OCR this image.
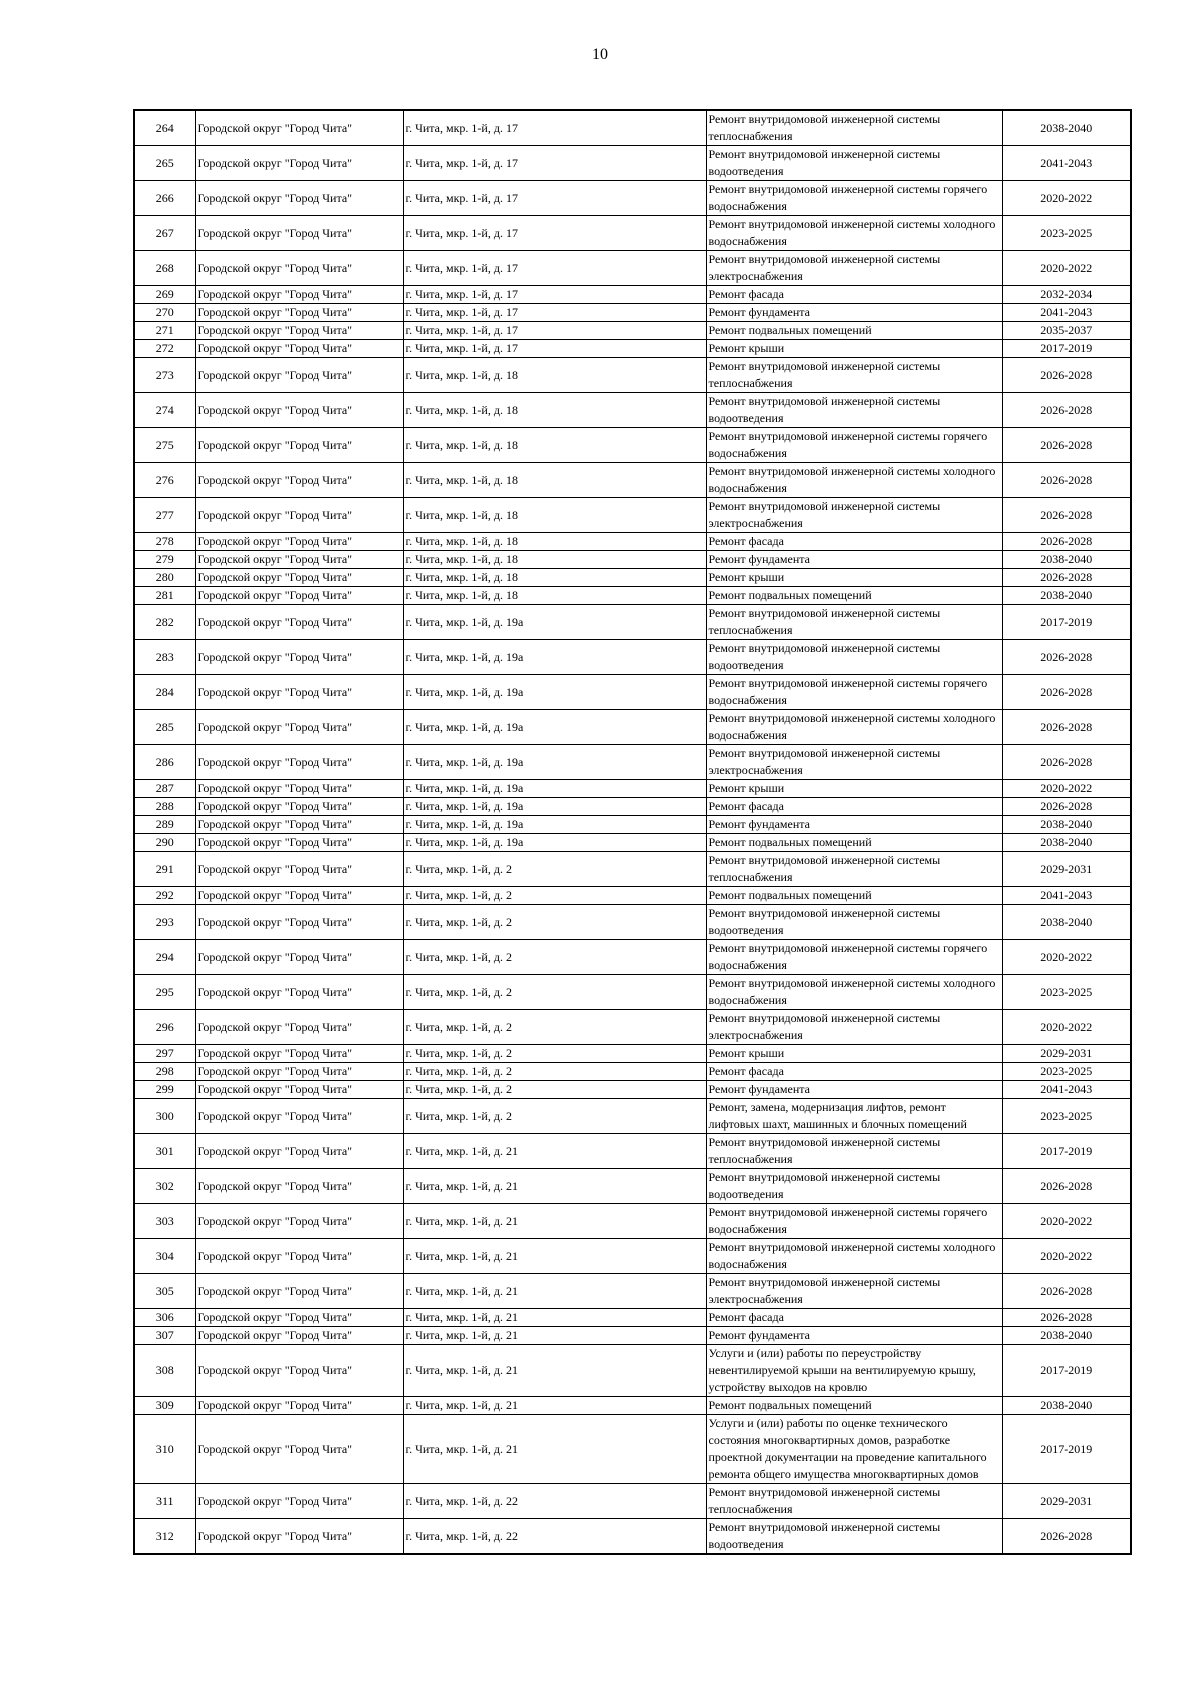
10
264	Городской округ "Город Чита"	г. Чита, мкр. 1-й, д. 17	Ремонт внутридомовой инженерной системы теплоснабжения	2038-2040
265	Городской округ "Город Чита"	г. Чита, мкр. 1-й, д. 17	Ремонт внутридомовой инженерной системы водоотведения	2041-2043
266	Городской округ "Город Чита"	г. Чита, мкр. 1-й, д. 17	Ремонт внутридомовой инженерной системы горячего водоснабжения	2020-2022
267	Городской округ "Город Чита"	г. Чита, мкр. 1-й, д. 17	Ремонт внутридомовой инженерной системы холодного водоснабжения	2023-2025
268	Городской округ "Город Чита"	г. Чита, мкр. 1-й, д. 17	Ремонт внутридомовой инженерной системы электроснабжения	2020-2022
269	Городской округ "Город Чита"	г. Чита, мкр. 1-й, д. 17	Ремонт фасада	2032-2034
270	Городской округ "Город Чита"	г. Чита, мкр. 1-й, д. 17	Ремонт фундамента	2041-2043
271	Городской округ "Город Чита"	г. Чита, мкр. 1-й, д. 17	Ремонт подвальных помещений	2035-2037
272	Городской округ "Город Чита"	г. Чита, мкр. 1-й, д. 17	Ремонт крыши	2017-2019
273	Городской округ "Город Чита"	г. Чита, мкр. 1-й, д. 18	Ремонт внутридомовой инженерной системы теплоснабжения	2026-2028
274	Городской округ "Город Чита"	г. Чита, мкр. 1-й, д. 18	Ремонт внутридомовой инженерной системы водоотведения	2026-2028
275	Городской округ "Город Чита"	г. Чита, мкр. 1-й, д. 18	Ремонт внутридомовой инженерной системы горячего водоснабжения	2026-2028
276	Городской округ "Город Чита"	г. Чита, мкр. 1-й, д. 18	Ремонт внутридомовой инженерной системы холодного водоснабжения	2026-2028
277	Городской округ "Город Чита"	г. Чита, мкр. 1-й, д. 18	Ремонт внутридомовой инженерной системы электроснабжения	2026-2028
278	Городской округ "Город Чита"	г. Чита, мкр. 1-й, д. 18	Ремонт фасада	2026-2028
279	Городской округ "Город Чита"	г. Чита, мкр. 1-й, д. 18	Ремонт фундамента	2038-2040
280	Городской округ "Город Чита"	г. Чита, мкр. 1-й, д. 18	Ремонт крыши	2026-2028
281	Городской округ "Город Чита"	г. Чита, мкр. 1-й, д. 18	Ремонт подвальных помещений	2038-2040
282	Городской округ "Город Чита"	г. Чита, мкр. 1-й, д. 19а	Ремонт внутридомовой инженерной системы теплоснабжения	2017-2019
283	Городской округ "Город Чита"	г. Чита, мкр. 1-й, д. 19а	Ремонт внутридомовой инженерной системы водоотведения	2026-2028
284	Городской округ "Город Чита"	г. Чита, мкр. 1-й, д. 19а	Ремонт внутридомовой инженерной системы горячего водоснабжения	2026-2028
285	Городской округ "Город Чита"	г. Чита, мкр. 1-й, д. 19а	Ремонт внутридомовой инженерной системы холодного водоснабжения	2026-2028
286	Городской округ "Город Чита"	г. Чита, мкр. 1-й, д. 19а	Ремонт внутридомовой инженерной системы электроснабжения	2026-2028
287	Городской округ "Город Чита"	г. Чита, мкр. 1-й, д. 19а	Ремонт крыши	2020-2022
288	Городской округ "Город Чита"	г. Чита, мкр. 1-й, д. 19а	Ремонт фасада	2026-2028
289	Городской округ "Город Чита"	г. Чита, мкр. 1-й, д. 19а	Ремонт фундамента	2038-2040
290	Городской округ "Город Чита"	г. Чита, мкр. 1-й, д. 19а	Ремонт подвальных помещений	2038-2040
291	Городской округ "Город Чита"	г. Чита, мкр. 1-й, д. 2	Ремонт внутридомовой инженерной системы теплоснабжения	2029-2031
292	Городской округ "Город Чита"	г. Чита, мкр. 1-й, д. 2	Ремонт подвальных помещений	2041-2043
293	Городской округ "Город Чита"	г. Чита, мкр. 1-й, д. 2	Ремонт внутридомовой инженерной системы водоотведения	2038-2040
294	Городской округ "Город Чита"	г. Чита, мкр. 1-й, д. 2	Ремонт внутридомовой инженерной системы горячего водоснабжения	2020-2022
295	Городской округ "Город Чита"	г. Чита, мкр. 1-й, д. 2	Ремонт внутридомовой инженерной системы холодного водоснабжения	2023-2025
296	Городской округ "Город Чита"	г. Чита, мкр. 1-й, д. 2	Ремонт внутридомовой инженерной системы электроснабжения	2020-2022
297	Городской округ "Город Чита"	г. Чита, мкр. 1-й, д. 2	Ремонт крыши	2029-2031
298	Городской округ "Город Чита"	г. Чита, мкр. 1-й, д. 2	Ремонт фасада	2023-2025
299	Городской округ "Город Чита"	г. Чита, мкр. 1-й, д. 2	Ремонт фундамента	2041-2043
300	Городской округ "Город Чита"	г. Чита, мкр. 1-й, д. 2	Ремонт, замена, модернизация лифтов, ремонт лифтовых шахт, машинных и блочных помещений	2023-2025
301	Городской округ "Город Чита"	г. Чита, мкр. 1-й, д. 21	Ремонт внутридомовой инженерной системы теплоснабжения	2017-2019
302	Городской округ "Город Чита"	г. Чита, мкр. 1-й, д. 21	Ремонт внутридомовой инженерной системы водоотведения	2026-2028
303	Городской округ "Город Чита"	г. Чита, мкр. 1-й, д. 21	Ремонт внутридомовой инженерной системы горячего водоснабжения	2020-2022
304	Городской округ "Город Чита"	г. Чита, мкр. 1-й, д. 21	Ремонт внутридомовой инженерной системы холодного водоснабжения	2020-2022
305	Городской округ "Город Чита"	г. Чита, мкр. 1-й, д. 21	Ремонт внутридомовой инженерной системы электроснабжения	2026-2028
306	Городской округ "Город Чита"	г. Чита, мкр. 1-й, д. 21	Ремонт фасада	2026-2028
307	Городской округ "Город Чита"	г. Чита, мкр. 1-й, д. 21	Ремонт фундамента	2038-2040
308	Городской округ "Город Чита"	г. Чита, мкр. 1-й, д. 21	Услуги и (или) работы по переустройству невентилируемой крыши на вентилируемую крышу, устройству выходов на кровлю	2017-2019
309	Городской округ "Город Чита"	г. Чита, мкр. 1-й, д. 21	Ремонт подвальных помещений	2038-2040
310	Городской округ "Город Чита"	г. Чита, мкр. 1-й, д. 21	Услуги и (или) работы по оценке технического состояния многоквартирных домов, разработке проектной документации на проведение капитального ремонта общего имущества многоквартирных домов	2017-2019
311	Городской округ "Город Чита"	г. Чита, мкр. 1-й, д. 22	Ремонт внутридомовой инженерной системы теплоснабжения	2029-2031
312	Городской округ "Город Чита"	г. Чита, мкр. 1-й, д. 22	Ремонт внутридомовой инженерной системы водоотведения	2026-2028
